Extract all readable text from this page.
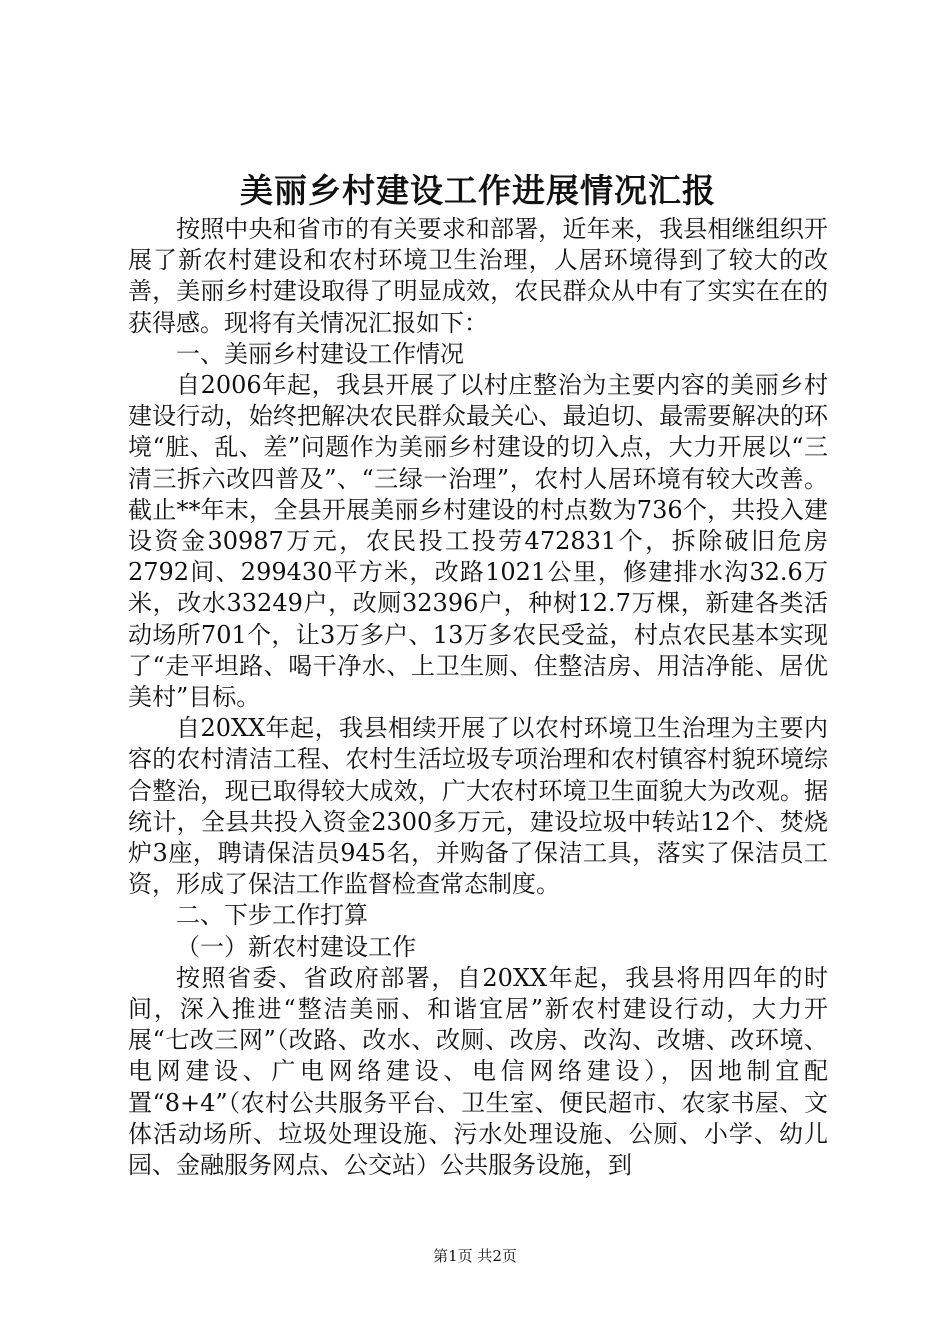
美丽乡村建设工作进展情况汇报

按照中央和省市的有关要求和部署，近年来，我县相继组织开展了新农村建设和农村环境卫生治理，人居环境得到了较大的改善，美丽乡村建设取得了明显成效，农民群众从中有了实实在在的获得感。现将有关情况汇报如下：

一、美丽乡村建设工作情况

自2006年起，我县开展了以村庄整治为主要内容的美丽乡村建设行动，始终把解决农民群众最关心、最迫切、最需要解决的环境“脏、乱、差”问题作为美丽乡村建设的切入点，大力开展以“三清三拆六改四普及”、“三绿一治理”，农村人居环境有较大改善。截止**年末，全县开展美丽乡村建设的村点数为736个，共投入建设资金30987万元，农民投工投劳472831个，拆除破旧危房2792间、299430平方米，改路1021公里，修建排水沟32.6万米，改水33249户，改厕32396户，种树12.7万棵，新建各类活动场所701个，让3万多户、13万多农民受益，村点农民基本实现了“走平坦路、喝干净水、上卫生厕、住整洁房、用洁净能、居优美村”目标。

自20XX年起，我县相续开展了以农村环境卫生治理为主要内容的农村清洁工程、农村生活垃圾专项治理和农村镇容村貌环境综合整治，现已取得较大成效，广大农村环境卫生面貌大为改观。据统计，全县共投入资金2300多万元，建设垃圾中转站12个、焚烧炉3座，聘请保洁员945名，并购备了保洁工具，落实了保洁员工资，形成了保洁工作监督检查常态制度。

二、下步工作打算

（一）新农村建设工作

按照省委、省政府部署，自20XX年起，我县将用四年的时间，深入推进“整洁美丽、和谐宜居”新农村建设行动，大力开展“七改三网”（改路、改水、改厕、改房、改沟、改塘、改环境、电网建设、广电网络建设、电信网络建设），因地制宜配置“8+4”（农村公共服务平台、卫生室、便民超市、农家书屋、文体活动场所、垃圾处理设施、污水处理设施、公厕、小学、幼儿园、金融服务网点、公交站）公共服务设施，到

第1页 共2页
